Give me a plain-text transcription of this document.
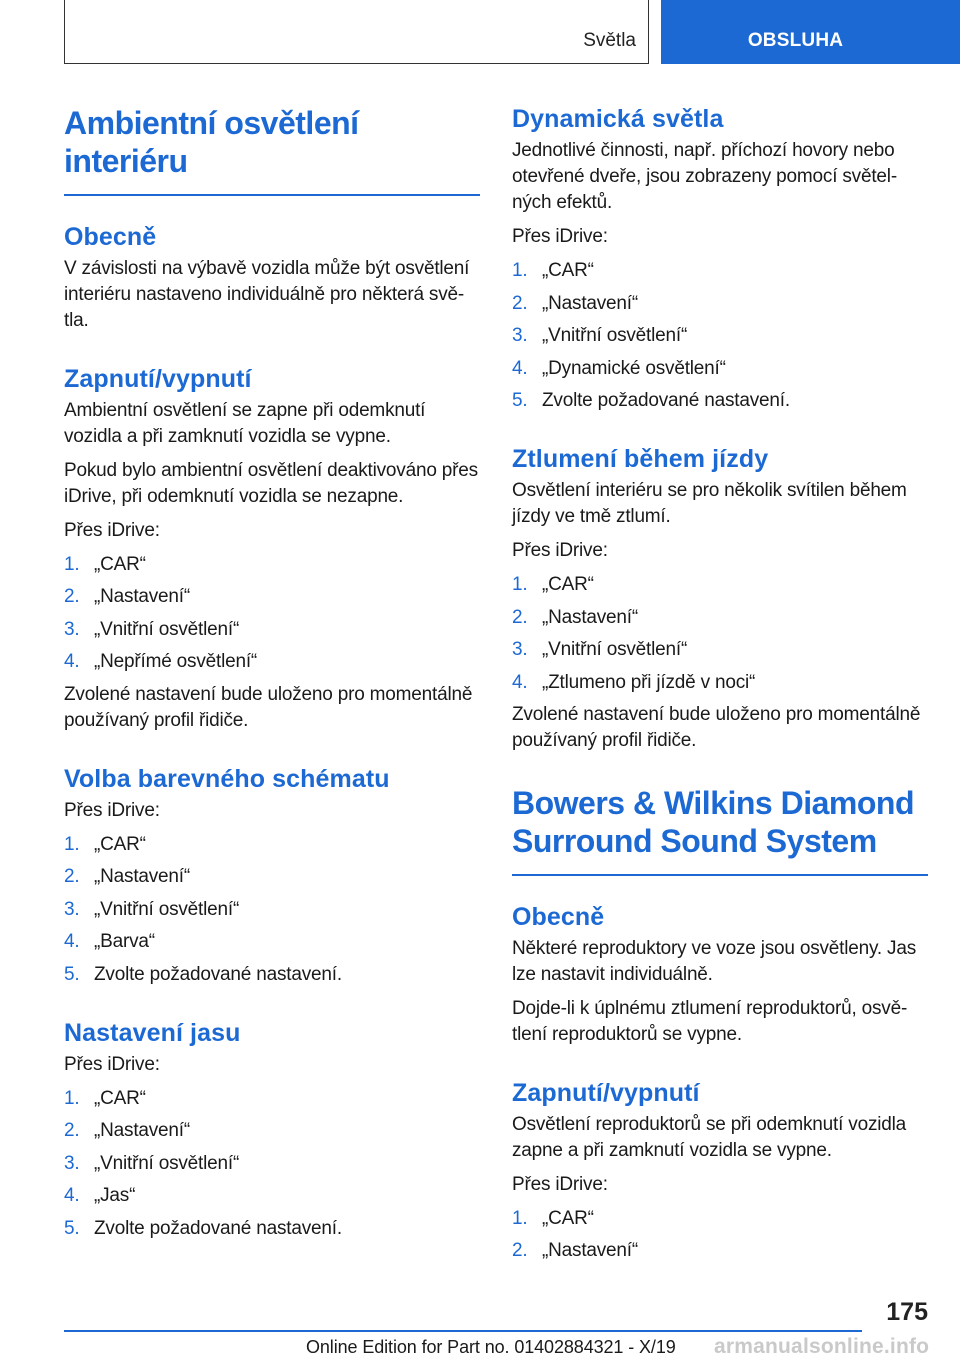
Světla	OBSLUHA
Ambientní osvětlení interiéru
Obecně
V závislosti na výbavě vozidla může být osvětlení interiéru nastaveno individuálně pro některá světla.
Zapnutí/vypnutí
Ambientní osvětlení se zapne při odemknutí vozidla a při zamknutí vozidla se vypne.
Pokud bylo ambientní osvětlení deaktivováno přes iDrive, při odemknutí vozidla se nezapne.
Přes iDrive:
1. „CAR“
2. „Nastavení“
3. „Vnitřní osvětlení“
4. „Nepřímé osvětlení“
Zvolené nastavení bude uloženo pro momentálně používaný profil řidiče.
Volba barevného schématu
Přes iDrive:
1. „CAR“
2. „Nastavení“
3. „Vnitřní osvětlení“
4. „Barva“
5. Zvolte požadované nastavení.
Nastavení jasu
Přes iDrive:
1. „CAR“
2. „Nastavení“
3. „Vnitřní osvětlení“
4. „Jas“
5. Zvolte požadované nastavení.
Dynamická světla
Jednotlivé činnosti, např. příchozí hovory nebo otevřené dveře, jsou zobrazeny pomocí světelných efektů.
Přes iDrive:
1. „CAR“
2. „Nastavení“
3. „Vnitřní osvětlení“
4. „Dynamické osvětlení“
5. Zvolte požadované nastavení.
Ztlumení během jízdy
Osvětlení interiéru se pro několik svítilen během jízdy ve tmě ztlumí.
Přes iDrive:
1. „CAR“
2. „Nastavení“
3. „Vnitřní osvětlení“
4. „Ztlumeno při jízdě v noci“
Zvolené nastavení bude uloženo pro momentálně používaný profil řidiče.
Bowers & Wilkins Diamond Surround Sound System
Obecně
Některé reproduktory ve voze jsou osvětleny. Jas lze nastavit individuálně.
Dojde-li k úplnému ztlumení reproduktorů, osvětlení reproduktorů se vypne.
Zapnutí/vypnutí
Osvětlení reproduktorů se při odemknutí vozidla zapne a při zamknutí vozidla se vypne.
Přes iDrive:
1. „CAR“
2. „Nastavení“
175
Online Edition for Part no. 01402884321 - X/19 armanualsonline.info
